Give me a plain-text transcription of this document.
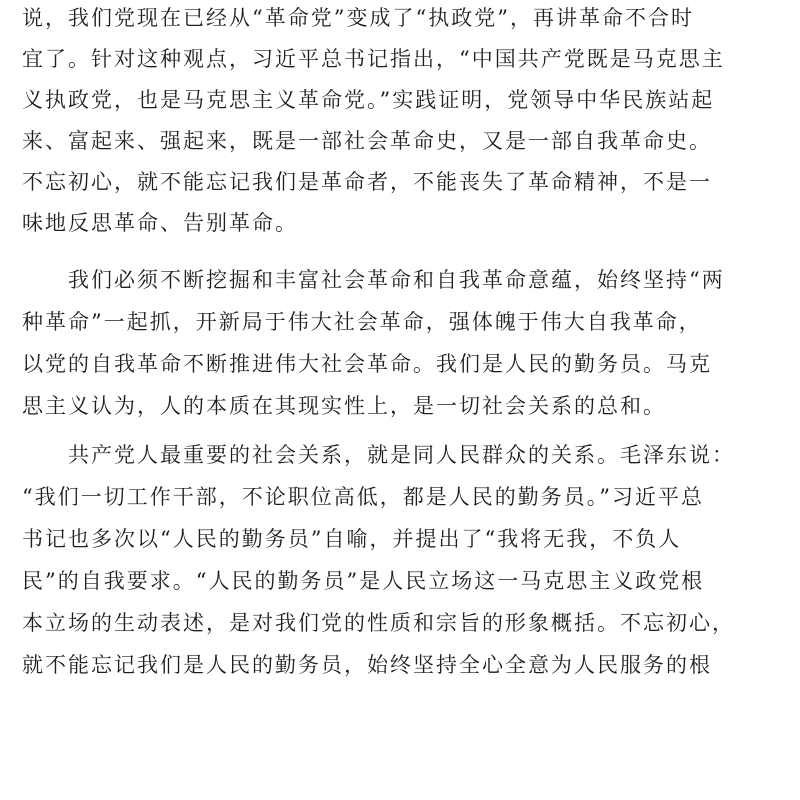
说，我们党现在已经从“革命党”变成了“执政党”，再讲革命不合时
宜了。针对这种观点，习近平总书记指出，“中国共产党既是马克思主
义执政党，也是马克思主义革命党。”实践证明，党领导中华民族站起
来、富起来、强起来，既是一部社会革命史，又是一部自我革命史。
不忘初心，就不能忘记我们是革命者，不能丧失了革命精神，不是一
味地反思革命、告别革命。
　　我们必须不断挖掘和丰富社会革命和自我革命意蕴，始终坚持“两
种革命”一起抓，开新局于伟大社会革命，强体魄于伟大自我革命，
以党的自我革命不断推进伟大社会革命。我们是人民的勤务员。马克
思主义认为，人的本质在其现实性上，是一切社会关系的总和。
　　共产党人最重要的社会关系，就是同人民群众的关系。毛泽东说：
“我们一切工作干部，不论职位高低，都是人民的勤务员。”习近平总
书记也多次以“人民的勤务员”自喻，并提出了“我将无我，不负人
民”的自我要求。“人民的勤务员”是人民立场这一马克思主义政党根
本立场的生动表述，是对我们党的性质和宗旨的形象概括。不忘初心，
就不能忘记我们是人民的勤务员，始终坚持全心全意为人民服务的根
